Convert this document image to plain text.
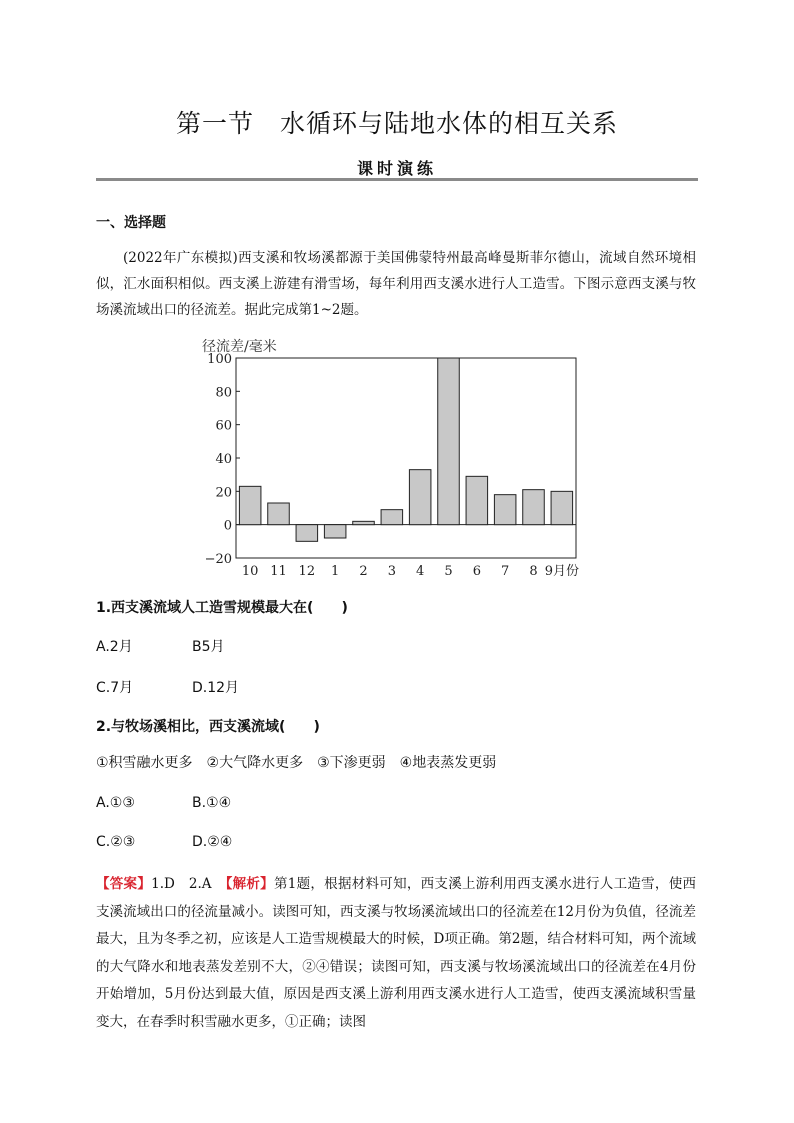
第一节　水循环与陆地水体的相互关系
课时演练
一、选择题
(2022年广东模拟)西支溪和牧场溪都源于美国佛蒙特州最高峰曼斯菲尔德山，流域自然环境相似，汇水面积相似。西支溪上游建有滑雪场，每年利用西支溪水进行人工造雪。下图示意西支溪与牧场溪流域出口的径流差。据此完成第1~2题。
径流差/毫米
100
80
60
40
20
0
−20
10 11 12 1 2 3 4 5 6 7 8 9月份
1.西支溪流域人工造雪规模最大在(　　)
A.2月	B5月
C.7月	D.12月
2.与牧场溪相比，西支溪流域(　　)
①积雪融水更多　②大气降水更多　③下渗更弱　④地表蒸发更弱
A.①③	B.①④
C.②③	D.②④
【答案】1.D　2.A　【解析】第1题，根据材料可知，西支溪上游利用西支溪水进行人工造雪，使西支溪流域出口的径流量减小。读图可知，西支溪与牧场溪流域出口的径流差在12月份为负值，径流差最大，且为冬季之初，应该是人工造雪规模最大的时候，D项正确。第2题，结合材料可知，两个流域的大气降水和地表蒸发差别不大，②④错误；读图可知，西支溪与牧场溪流域出口的径流差在4月份开始增加，5月份达到最大值，原因是西支溪上游利用西支溪水进行人工造雪，使西支溪流域积雪量变大，在春季时积雪融水更多，①正确；读图
